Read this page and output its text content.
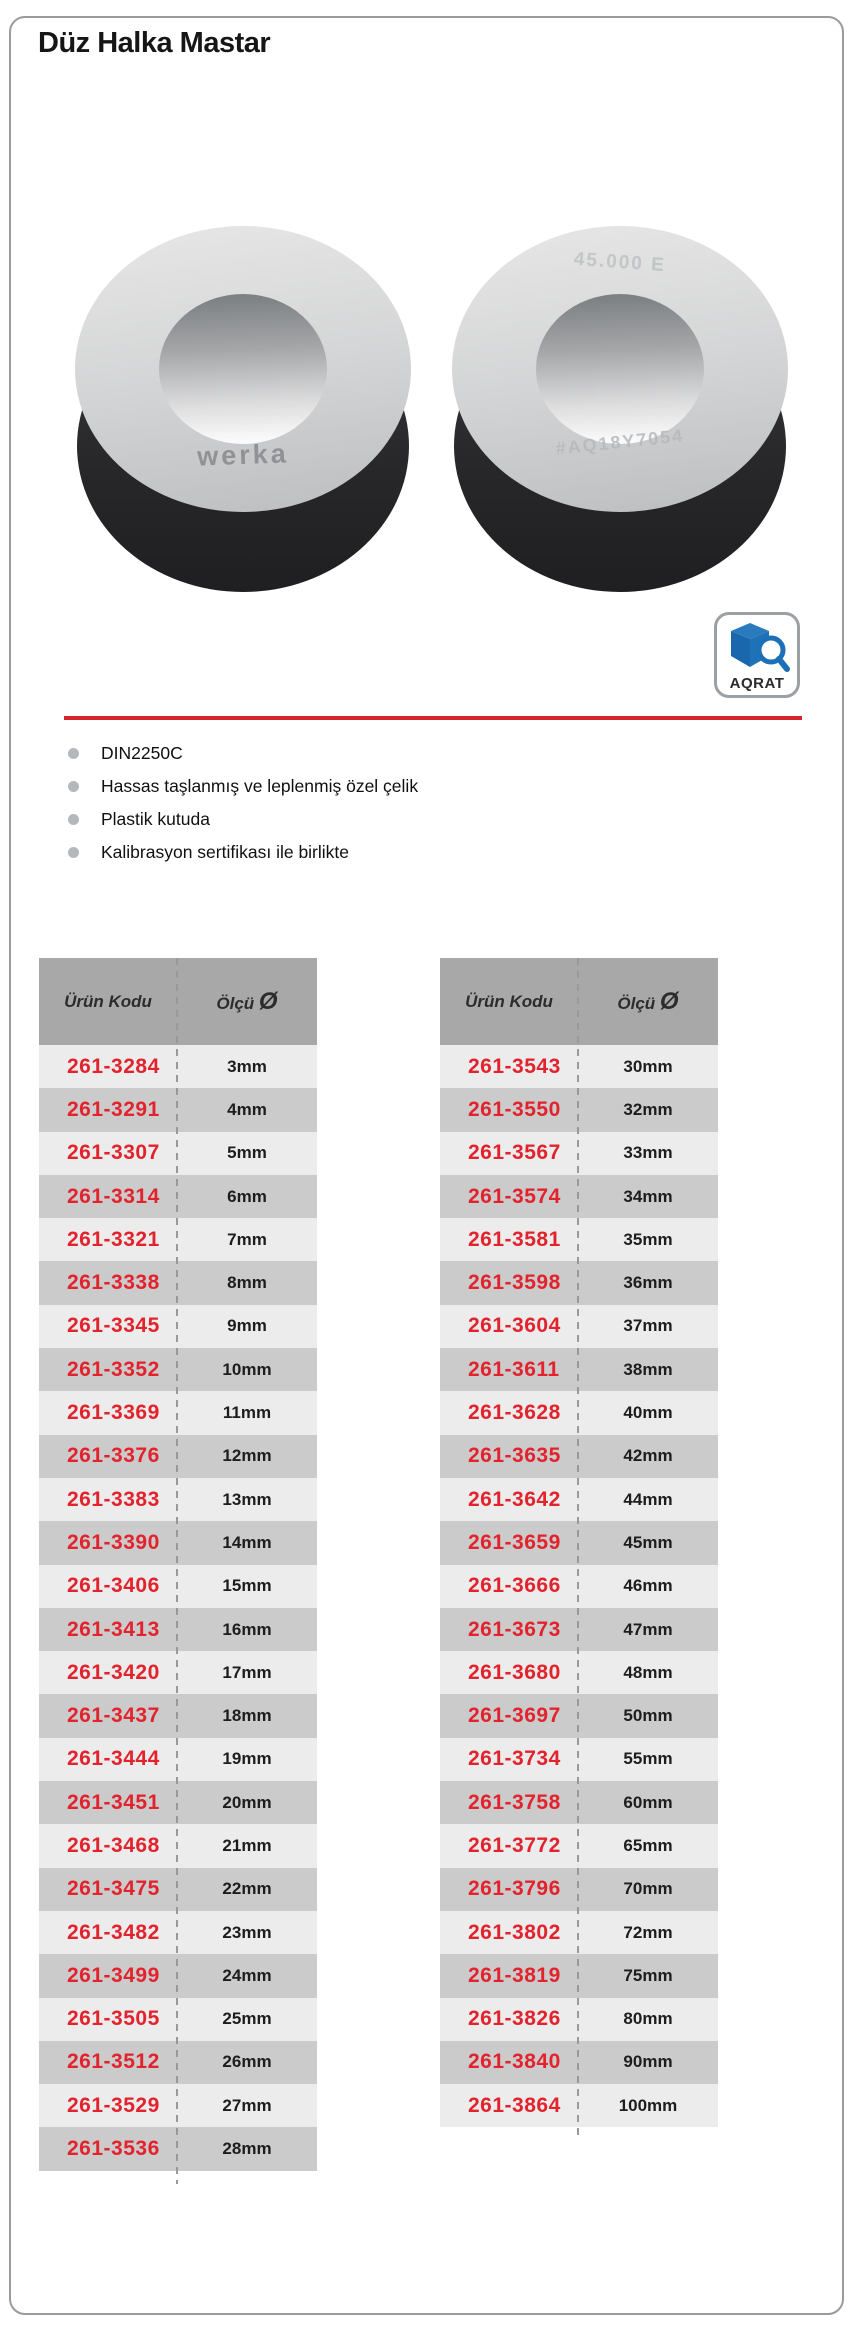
Düz Halka Mastar
werka
45.000 E
#AQ18Y7054
AQRAT
DIN2250C
Hassas taşlanmış ve leplenmiş özel çelik
Plastik kutuda
Kalibrasyon sertifikası ile birlikte
Ürün Kodu	Ölçü Ø
261-3284	3mm
261-3291	4mm
261-3307	5mm
261-3314	6mm
261-3321	7mm
261-3338	8mm
261-3345	9mm
261-3352	10mm
261-3369	11mm
261-3376	12mm
261-3383	13mm
261-3390	14mm
261-3406	15mm
261-3413	16mm
261-3420	17mm
261-3437	18mm
261-3444	19mm
261-3451	20mm
261-3468	21mm
261-3475	22mm
261-3482	23mm
261-3499	24mm
261-3505	25mm
261-3512	26mm
261-3529	27mm
261-3536	28mm
Ürün Kodu	Ölçü Ø
261-3543	30mm
261-3550	32mm
261-3567	33mm
261-3574	34mm
261-3581	35mm
261-3598	36mm
261-3604	37mm
261-3611	38mm
261-3628	40mm
261-3635	42mm
261-3642	44mm
261-3659	45mm
261-3666	46mm
261-3673	47mm
261-3680	48mm
261-3697	50mm
261-3734	55mm
261-3758	60mm
261-3772	65mm
261-3796	70mm
261-3802	72mm
261-3819	75mm
261-3826	80mm
261-3840	90mm
261-3864	100mm
